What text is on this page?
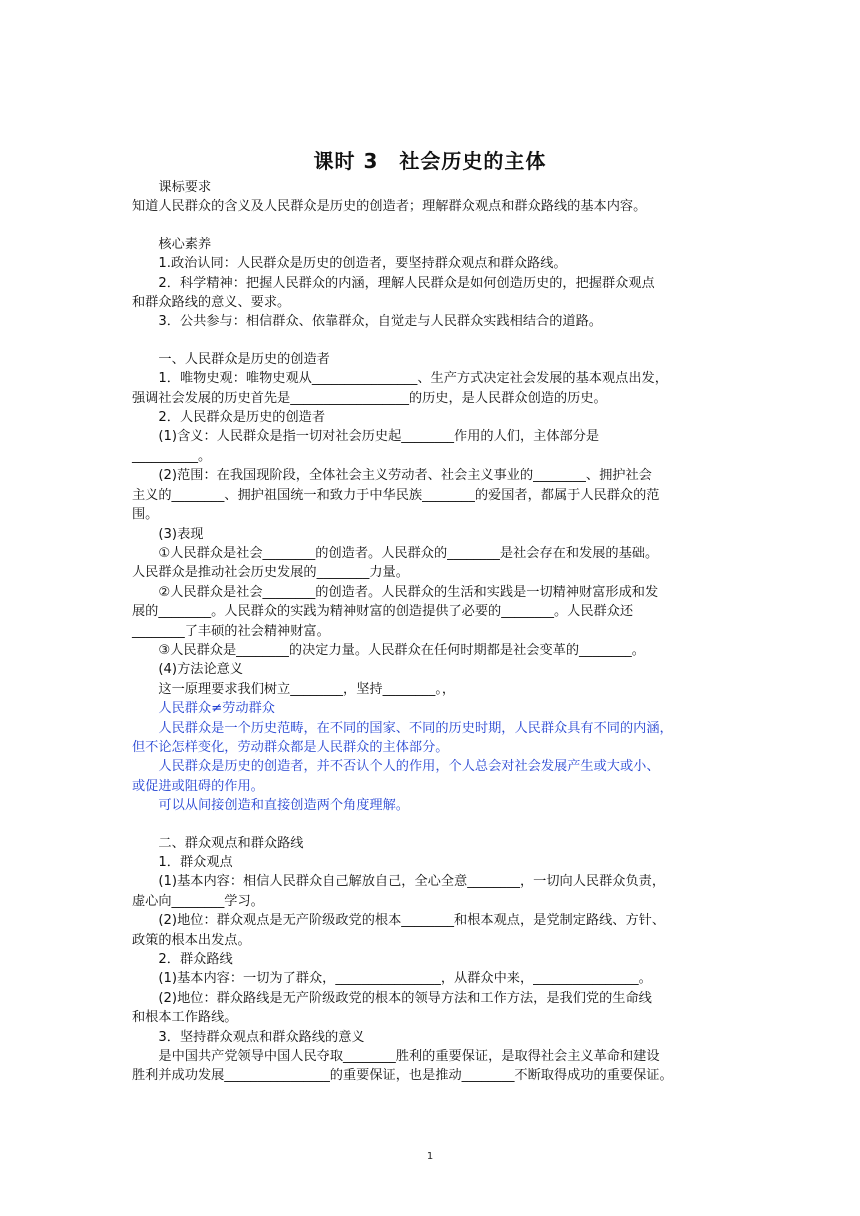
课时 3　社会历史的主体

课标要求

知道人民群众的含义及人民群众是历史的创造者；理解群众观点和群众路线的基本内容。

核心素养

1.政治认同：人民群众是历史的创造者，要坚持群众观点和群众路线。

2．科学精神：把握人民群众的内涵，理解人民群众是如何创造历史的，把握群众观点

和群众路线的意义、要求。

3．公共参与：相信群众、依靠群众，自觉走与人民群众实践相结合的道路。

一、人民群众是历史的创造者

1．唯物史观：唯物史观从________________、生产方式决定社会发展的基本观点出发，

强调社会发展的历史首先是__________________的历史，是人民群众创造的历史。

2．人民群众是历史的创造者

(1)含义：人民群众是指一切对社会历史起________作用的人们，主体部分是

__________。

(2)范围：在我国现阶段，全体社会主义劳动者、社会主义事业的________、拥护社会

主义的________、拥护祖国统一和致力于中华民族________的爱国者，都属于人民群众的范

围。

(3)表现

①人民群众是社会________的创造者。人民群众的________是社会存在和发展的基础。

人民群众是推动社会历史发展的________力量。

②人民群众是社会________的创造者。人民群众的生活和实践是一切精神财富形成和发

展的________。人民群众的实践为精神财富的创造提供了必要的________。人民群众还

________了丰硕的社会精神财富。

③人民群众是________的决定力量。人民群众在任何时期都是社会变革的________。

(4)方法论意义

这一原理要求我们树立________，坚持________。，

人民群众≠劳动群众

人民群众是一个历史范畴，在不同的国家、不同的历史时期，人民群众具有不同的内涵，

但不论怎样变化，劳动群众都是人民群众的主体部分。

人民群众是历史的创造者，并不否认个人的作用，个人总会对社会发展产生或大或小、

或促进或阻碍的作用。

可以从间接创造和直接创造两个角度理解。

二、群众观点和群众路线

1．群众观点

(1)基本内容：相信人民群众自己解放自己，全心全意________，一切向人民群众负责，

虚心向________学习。

(2)地位：群众观点是无产阶级政党的根本________和根本观点，是党制定路线、方针、

政策的根本出发点。

2．群众路线

(1)基本内容：一切为了群众，________________，从群众中来，________________。

(2)地位：群众路线是无产阶级政党的根本的领导方法和工作方法，是我们党的生命线

和根本工作路线。

3．坚持群众观点和群众路线的意义

是中国共产党领导中国人民夺取________胜利的重要保证，是取得社会主义革命和建设

胜利并成功发展________________的重要保证，也是推动________不断取得成功的重要保证。

1
